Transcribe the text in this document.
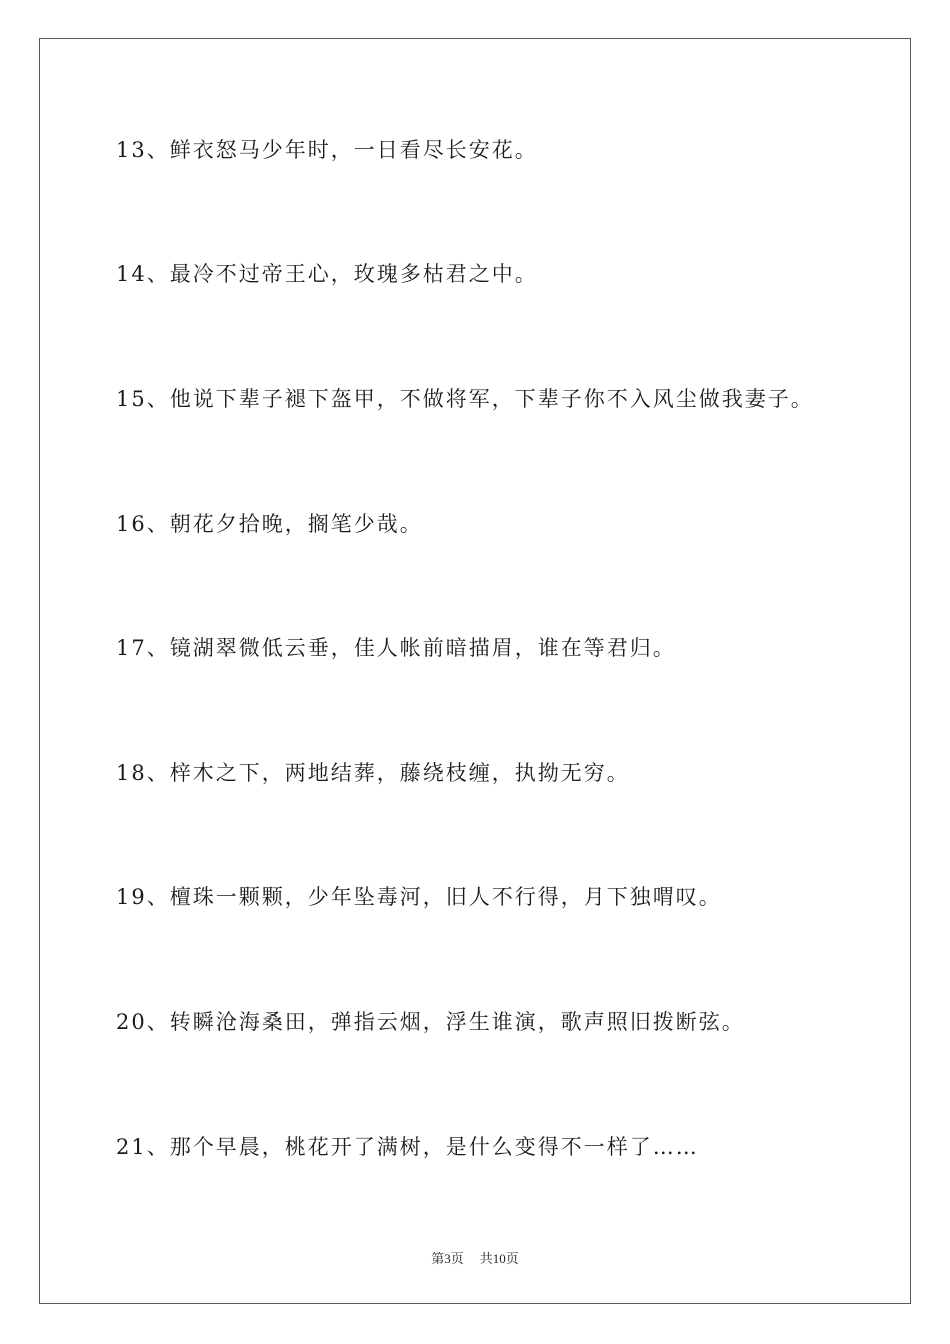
13、鲜衣怒马少年时，一日看尽长安花。
14、最冷不过帝王心，玫瑰多枯君之中。
15、他说下辈子褪下盔甲，不做将军，下辈子你不入风尘做我妻子。
16、朝花夕拾晚，搁笔少哉。
17、镜湖翠微低云垂，佳人帐前暗描眉，谁在等君归。
18、梓木之下，两地结葬，藤绕枝缠，执拗无穷。
19、檀珠一颗颗，少年坠毒河，旧人不行得，月下独喟叹。
20、转瞬沧海桑田，弹指云烟，浮生谁演，歌声照旧拨断弦。
21、那个早晨，桃花开了满树，是什么变得不一样了……
第3页 共10页
